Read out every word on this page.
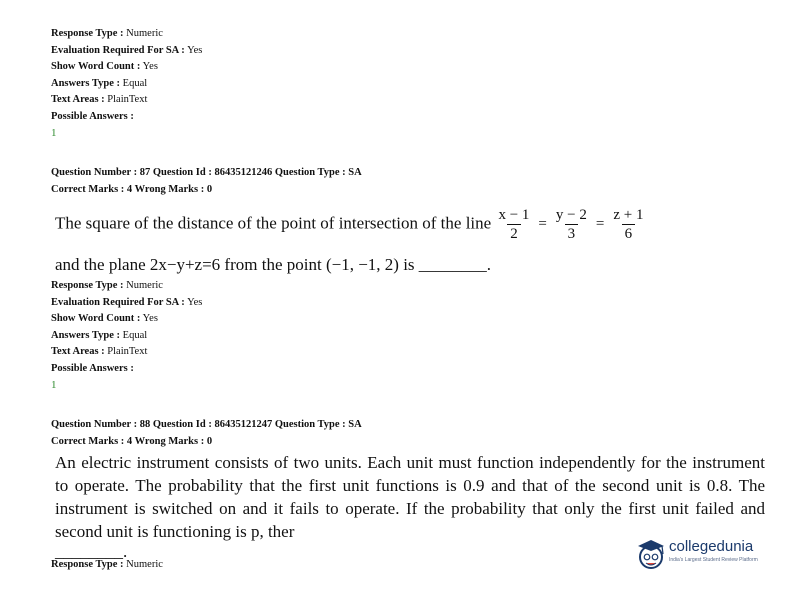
Response Type : Numeric
Evaluation Required For SA : Yes
Show Word Count : Yes
Answers Type : Equal
Text Areas : PlainText
Possible Answers :
1
Question Number : 87 Question Id : 86435121246 Question Type : SA
Correct Marks : 4 Wrong Marks : 0
The square of the distance of the point of intersection of the line $\frac{x - 1}{2} = \frac{y - 2}{3} = \frac{z + 1}{6}$
and the plane 2x−y+z=6 from the point (−1, −1, 2) is ________.
Response Type : Numeric
Evaluation Required For SA : Yes
Show Word Count : Yes
Answers Type : Equal
Text Areas : PlainText
Possible Answers :
1
Question Number : 88 Question Id : 86435121247 Question Type : SA
Correct Marks : 4 Wrong Marks : 0
An electric instrument consists of two units. Each unit must function independently for the instrument to operate. The probability that the first unit functions is 0.9 and that of the second unit is 0.8. The instrument is switched on and it fails to operate. If the probability that only the first unit failed and second unit is functioning is p, ther
________.
Response Type : Numeric
collegedunia
India's Largest Student Review Platform
